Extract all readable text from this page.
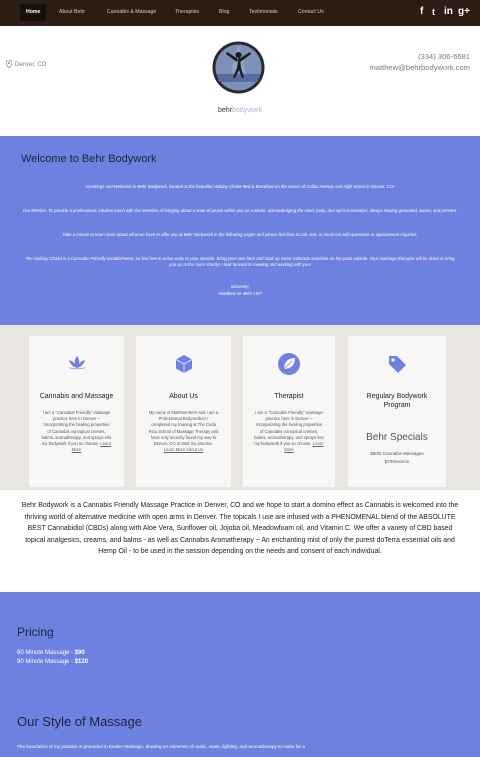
Home	About Behr	Cannabis & Massage	Therapists	Blog	Testimonials	Contact Us	f t in g+
Denver, CO
behrbodywork
(334) 306-6681
matthew@behrbodywork.com
Welcome to Behr Bodywork

Greetings and Welcome to Behr Bodywork, located at the beautiful Holiday Chalet Bed & Breakfast on the corner of Colfax Avenue and High Street in Denver, CO!

Our Mission: To provide a professional, intuitive touch with the intention of bringing about a state of peace within you as a whole, acknowledging the mind, body, and spirit connection; always staying grounded, aware, and present.

Take a minute to learn more about what we have to offer you at Behr Bodywork in the following pages and please feel free to call, text, or email me with questions or appointment inquiries.

The Holiday Chalet is a Cannabis Friendly establishment, so feel free to arrive early to your session. Bring your own herb and soak up some Colorado sunshine on the patio outside. Your massage therapist will be down to bring you up to the room shortly! I look forward to meeting and working with you!

Sincerely,

-Matthew W. Behr LMT

Cannabis and Massage
I am a "Cannabis Friendly" massage practice here in Denver ~ Incorporating the healing properties of Cannabis via topical cremes, balms, aromatherapy, and sprays into my bodywork if you so choose. Learn More
About Us
My name is Matthew Behr and I am a Professional Bodyworker! I completed my training at The Cuda Rica School of Massage Therapy and have only recently found my way to Denver, CO to start my practice. Learn More About Us
Therapist
I am a "Cannabis Friendly" massage practice here in Denver ~ Incorporating the healing properties of Cannabis via topical cremes, balms, aromatherapy, and sprays into my bodywork if you so choose. Learn More
Regulary Bodywork Program
Behr Specials
$50/5 Cannabis Massages
$70/Session

Behr Bodywork is a Cannabis Friendly Massage Practice in Denver, CO and we hope to start a domino effect as Cannabis is welcomed into the thriving world of alternative medicine with open arms in Denver. The topicals I use are infused with a PHENOMENAL blend of the ABSOLUTE BEST Cannabidiol (CBDs) along with Aloe Vera, Sunflower oil, Jojoba oil, Meadowfoam oil, and Vitamin C. We offer a variety of CBD based topical analgesics, creams, and balms - as well as Cannabis Aromatherapy ~ An enchanting mist of only the purest doTerra essential oils and Hemp Oil - to be used in the session depending on the needs and consent of each individual.

Pricing
60 Minute Massage - $90
90 Minute Massage - $120
Our Style of Massage

The foundation of my practice is grounded in Esalen Massage, drawing on elements of music, water, lighting, and aromatherapy to make for a
